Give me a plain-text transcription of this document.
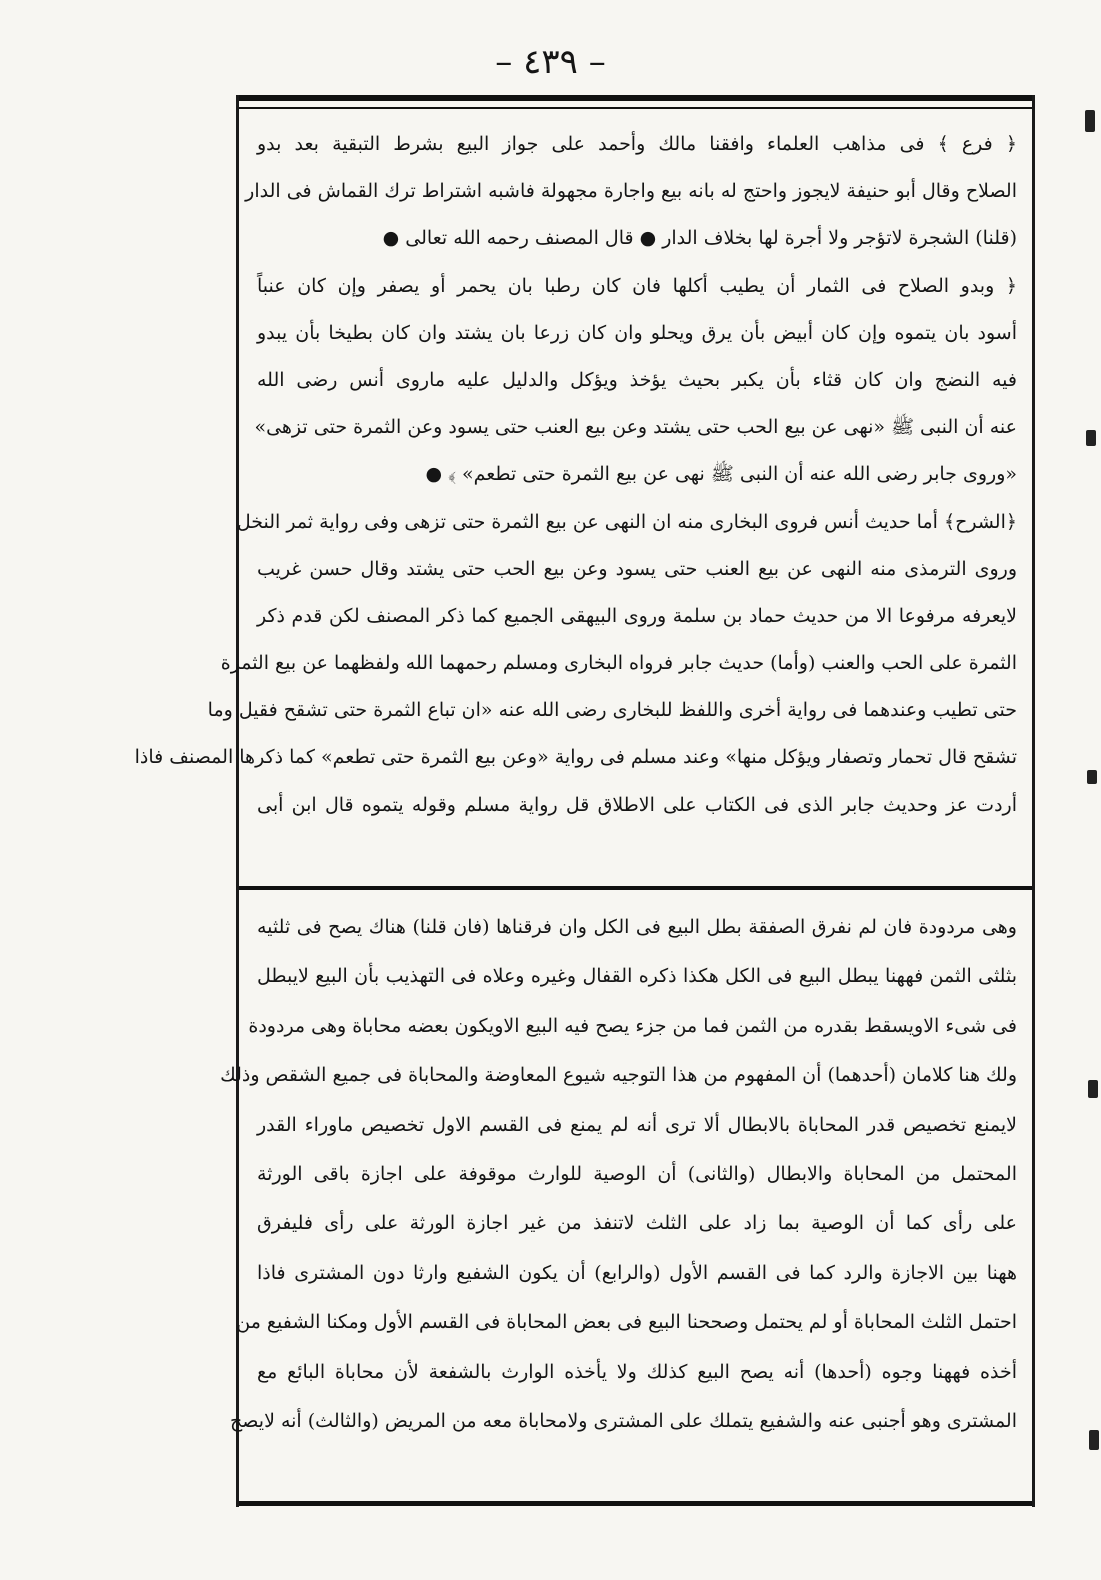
– ٤٣٩ –
﴿ فرع ﴾ فى مذاهب العلماء وافقنا مالك وأحمد على جواز البيع بشرط التبقية بعد بدو
الصلاح وقال أبو حنيفة لايجوز واحتج له بانه بيع واجارة مجهولة فاشبه اشتراط ترك القماش فى الدار
(قلنا) الشجرة لاتؤجر ولا أجرة لها بخلاف الدار ● قال المصنف رحمه الله تعالى ●
﴿ وبدو الصلاح فى الثمار أن يطيب أكلها فان كان رطبا بان يحمر أو يصفر وإن كان عنباً
أسود بان يتموه وإن كان أبيض بأن يرق ويحلو وان كان زرعا بان يشتد وان كان بطيخا بأن يبدو
فيه النضج وان كان قثاء بأن يكبر بحيث يؤخذ ويؤكل والدليل عليه ماروى أنس رضى الله
عنه أن النبى ﷺ «نهى عن بيع الحب حتى يشتد وعن بيع العنب حتى يسود وعن الثمرة حتى تزهى»
«وروى جابر رضى الله عنه أن النبى ﷺ نهى عن بيع الثمرة حتى تطعم» ﴾ ●
﴿الشرح﴾ أما حديث أنس فروى البخارى منه ان النهى عن بيع الثمرة حتى تزهى وفى رواية ثمر النخل
وروى الترمذى منه النهى عن بيع العنب حتى يسود وعن بيع الحب حتى يشتد وقال حسن غريب
لايعرفه مرفوعا الا من حديث حماد بن سلمة وروى البيهقى الجميع كما ذكر المصنف لكن قدم ذكر
الثمرة على الحب والعنب (وأما) حديث جابر فرواه البخارى ومسلم رحمهما الله ولفظهما عن بيع الثمرة
حتى تطيب وعندهما فى رواية أخرى واللفظ للبخارى رضى الله عنه «ان تباع الثمرة حتى تشقح فقيل وما
تشقح قال تحمار وتصفار ويؤكل منها» وعند مسلم فى رواية «وعن بيع الثمرة حتى تطعم» كما ذكرها المصنف فاذا
أردت عز وحديث جابر الذى فى الكتاب على الاطلاق قل رواية مسلم وقوله يتموه قال ابن أبى
وهى مردودة فان لم نفرق الصفقة بطل البيع فى الكل وان فرقناها (فان قلنا) هناك يصح فى ثلثيه
بثلثى الثمن فههنا يبطل البيع فى الكل هكذا ذكره القفال وغيره وعلاه فى التهذيب بأن البيع لايبطل
فى شىء الاويسقط بقدره من الثمن فما من جزء يصح فيه البيع الاويكون بعضه محاباة وهى مردودة
ولك هنا كلامان (أحدهما) أن المفهوم من هذا التوجيه شيوع المعاوضة والمحاباة فى جميع الشقص وذلك
لايمنع تخصيص قدر المحاباة بالابطال ألا ترى أنه لم يمنع فى القسم الاول تخصيص ماوراء القدر
المحتمل من المحاباة والابطال (والثانى) أن الوصية للوارث موقوفة على اجازة باقى الورثة
على رأى كما أن الوصية بما زاد على الثلث لاتنفذ من غير اجازة الورثة على رأى فليفرق
ههنا بين الاجازة والرد كما فى القسم الأول (والرابع) أن يكون الشفيع وارثا دون المشترى فاذا
احتمل الثلث المحاباة أو لم يحتمل وصححنا البيع فى بعض المحاباة فى القسم الأول ومكنا الشفيع من
أخذه فههنا وجوه (أحدها) أنه يصح البيع كذلك ولا يأخذه الوارث بالشفعة لأن محاباة البائع مع
المشترى وهو أجنبى عنه والشفيع يتملك على المشترى ولامحاباة معه من المريض (والثالث) أنه لايصح
